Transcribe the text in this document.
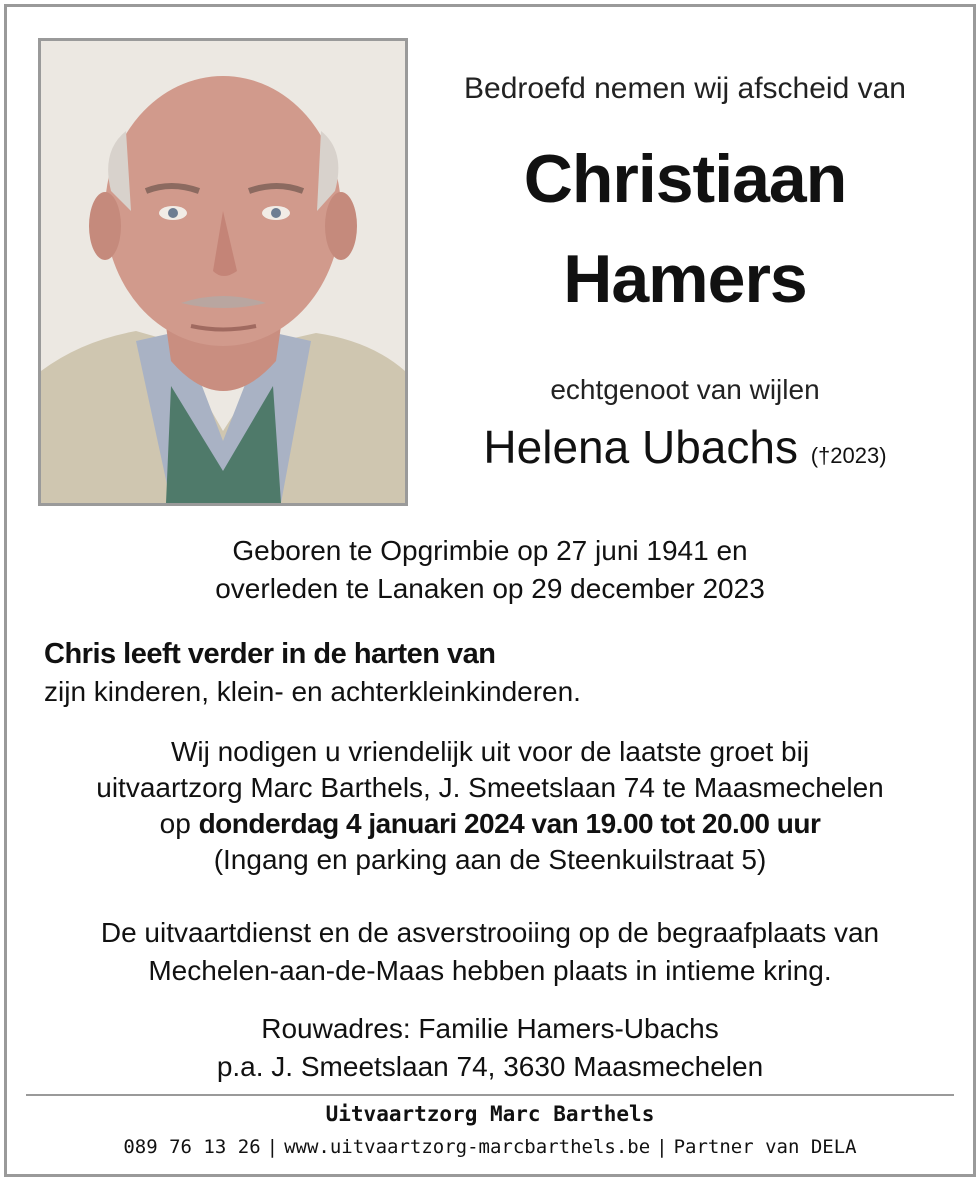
Bedroefd nemen wij afscheid van
Christiaan
Hamers
echtgenoot van wijlen
Helena Ubachs (†2023)
Geboren te Opgrimbie op 27 juni 1941 en
overleden te Lanaken op 29 december 2023
Chris leeft verder in de harten van
zijn kinderen, klein- en achterkleinkinderen.
Wij nodigen u vriendelijk uit voor de laatste groet bij
uitvaartzorg Marc Barthels, J. Smeetslaan 74 te Maasmechelen
op donderdag 4 januari 2024 van 19.00 tot 20.00 uur
(Ingang en parking aan de Steenkuilstraat 5)
De uitvaartdienst en de asverstrooiing op de begraafplaats van
Mechelen-aan-de-Maas hebben plaats in intieme kring.
Rouwadres: Familie Hamers-Ubachs
p.a. J. Smeetslaan 74, 3630 Maasmechelen
Uitvaartzorg Marc Barthels
089 76 13 26 | www.uitvaartzorg-marcbarthels.be | Partner van DELA
